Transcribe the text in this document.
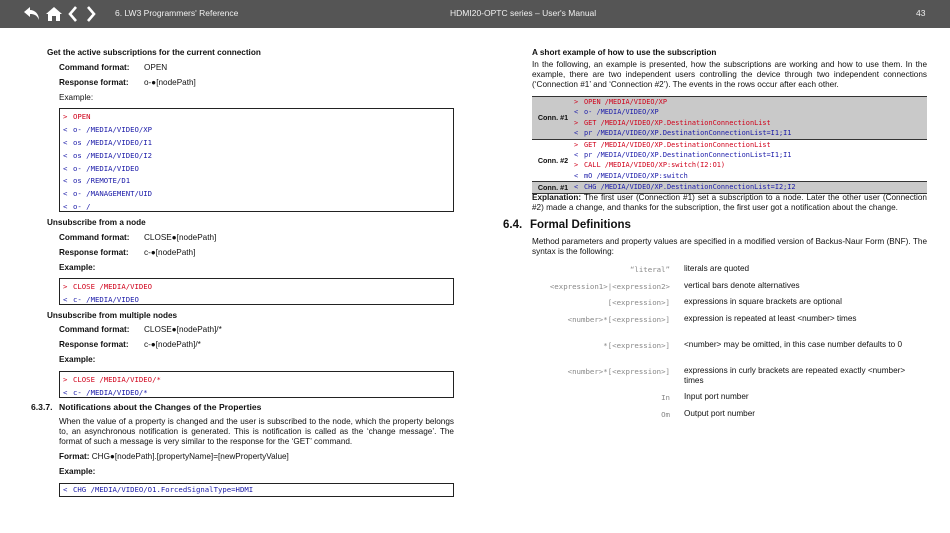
6. LW3 Programmers' Reference	HDMI20-OPTC series – User's Manual	43
Get the active subscriptions for the current connection
Command format: OPEN
Response format: o-●[nodePath]
Example:
> OPEN
< o- /MEDIA/VIDEO/XP
< os /MEDIA/VIDEO/I1
< os /MEDIA/VIDEO/I2
< o- /MEDIA/VIDEO
< os /REMOTE/D1
< o- /MANAGEMENT/UID
< o- /
Unsubscribe from a node
Command format: CLOSE●[nodePath]
Response format: c-●[nodePath]
Example:
> CLOSE /MEDIA/VIDEO
< c- /MEDIA/VIDEO
Unsubscribe from multiple nodes
Command format: CLOSE●[nodePath]/*
Response format: c-●[nodePath]/*
Example:
> CLOSE /MEDIA/VIDEO/*
< c- /MEDIA/VIDEO/*
6.3.7. Notifications about the Changes of the Properties
When the value of a property is changed and the user is subscribed to the node, which the property belongs to, an asynchronous notification is generated. This is notification is called as the ‘change message’. The format of such a message is very similar to the response for the ‘GET’ command.
Format: CHG●[nodePath].[propertyName]=[newPropertyValue]
Example:
< CHG /MEDIA/VIDEO/O1.ForcedSignalType=HDMI
A short example of how to use the subscription
In the following, an example is presented, how the subscriptions are working and how to use them. In the example, there are two independent users controlling the device through two independent connections (‘Connection #1’ and ‘Connection #2’). The events in the rows occur after each other.
Conn. #1
> OPEN /MEDIA/VIDEO/XP
< o- /MEDIA/VIDEO/XP
> GET /MEDIA/VIDEO/XP.DestinationConnectionList
< pr /MEDIA/VIDEO/XP.DestinationConnectionList=I1;I1
Conn. #2
> GET /MEDIA/VIDEO/XP.DestinationConnectionList
< pr /MEDIA/VIDEO/XP.DestinationConnectionList=I1;I1
> CALL /MEDIA/VIDEO/XP:switch(I2:O1)
< mO /MEDIA/VIDEO/XP:switch
Conn. #1 < CHG /MEDIA/VIDEO/XP.DestinationConnectionList=I2;I2
Explanation: The first user (Connection #1) set a subscription to a node. Later the other user (Connection #2) made a change, and thanks for the subscription, the first user got a notification about the change.
6.4. Formal Definitions
Method parameters and property values are specified in a modified version of Backus-Naur Form (BNF). The syntax is the following:
“literal” literals are quoted
<expression1>|<expression2> vertical bars denote alternatives
[<expression>] expressions in square brackets are optional
<number>*[<expression>] expression is repeated at least <number> times
*[<expression>] <number> may be omitted, in this case number defaults to 0
<number>*[<expression>] expressions in curly brackets are repeated exactly <number> times
In Input port number
Om Output port number
